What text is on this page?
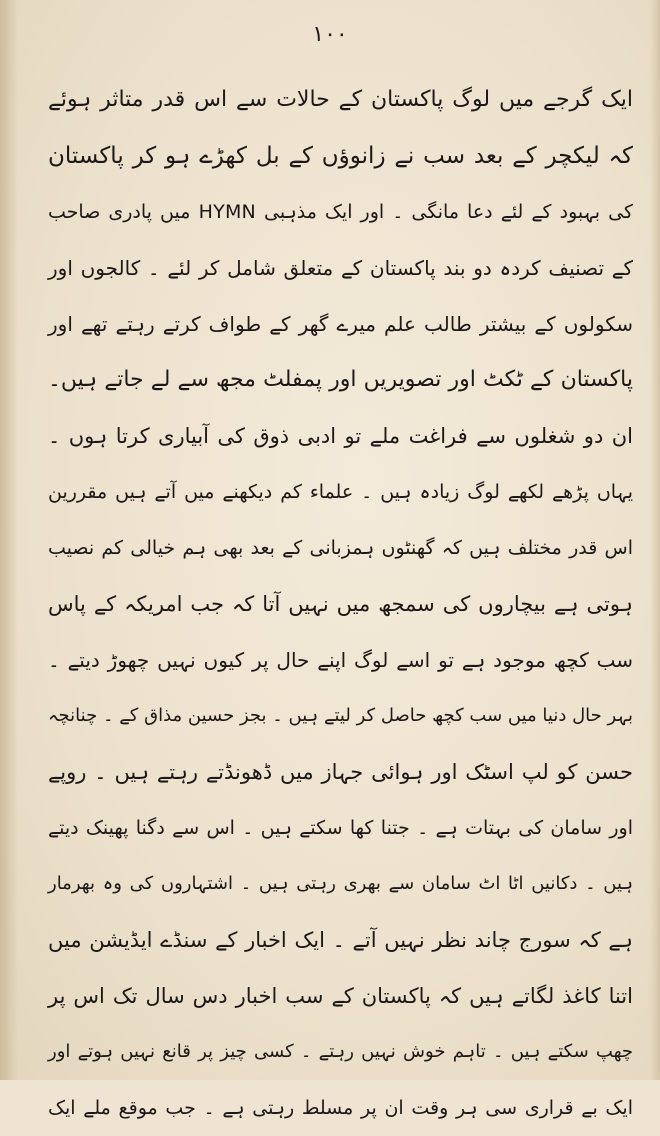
۱۰۰
ایک گرجے میں لوگ پاکستان کے حالات سے اس قدر متاثر ہوئے
کہ لیکچر کے بعد سب نے زانوؤں کے بل کھڑے ہو کر پاکستان
کی بہبود کے لئے دعا مانگی ۔ اور ایک مذہبی HYMN میں پادری صاحب
کے تصنیف کردہ دو بند پاکستان کے متعلق شامل کر لئے ۔ کالجوں اور
سکولوں کے بیشتر طالب علم میرے گھر کے طواف کرتے رہتے تھے اور
پاکستان کے ٹکٹ اور تصویریں اور پمفلٹ مجھ سے لے جاتے ہیں۔
ان دو شغلوں سے فراغت ملے تو ادبی ذوق کی آبیاری کرتا ہوں ۔
یہاں پڑھے لکھے لوگ زیادہ ہیں ۔ علماء کم دیکھنے میں آتے ہیں مقررین
اس قدر مختلف ہیں کہ گھنٹوں ہمزبانی کے بعد بھی ہم خیالی کم نصیب
ہوتی ہے بیچاروں کی سمجھ میں نہیں آتا کہ جب امریکہ کے پاس
سب کچھ موجود ہے تو اسے لوگ اپنے حال پر کیوں نہیں چھوڑ دیتے ۔
بہر حال دنیا میں سب کچھ حاصل کر لیتے ہیں ۔ بجز حسین مذاق کے ۔ چنانچہ
حسن کو لپ اسٹک اور ہوائی جہاز میں ڈھونڈتے رہتے ہیں ۔ روپے
اور سامان کی بہتات ہے ۔ جتنا کھا سکتے ہیں ۔ اس سے دگنا پھینک دیتے
ہیں ۔ دکانیں اٹا اٹ سامان سے بھری رہتی ہیں ۔ اشتہاروں کی وہ بھرمار
ہے کہ سورج چاند نظر نہیں آتے ۔ ایک اخبار کے سنڈے ایڈیشن میں
اتنا کاغذ لگاتے ہیں کہ پاکستان کے سب اخبار دس سال تک اس پر
چھپ سکتے ہیں ۔ تاہم خوش نہیں رہتے ۔ کسی چیز پر قانع نہیں ہوتے اور
ایک بے قراری سی ہر وقت ان پر مسلط رہتی ہے ۔ جب موقع ملے ایک
